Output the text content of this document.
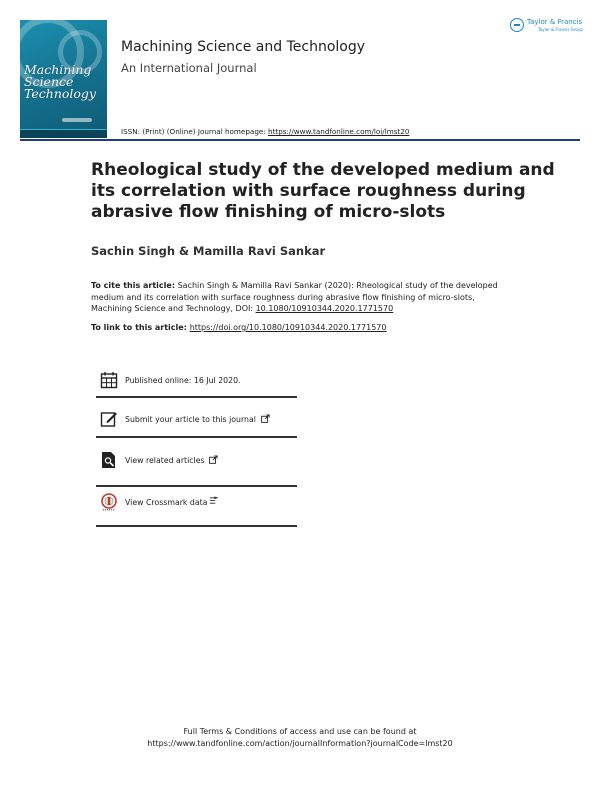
Machining
Science
Technology
Machining Science and Technology
An International Journal
ISSN: (Print) (Online) Journal homepage: https://www.tandfonline.com/loi/lmst20
Taylor & Francis
Taylor & Francis Group
Rheological study of the developed medium and its correlation with surface roughness during abrasive flow finishing of micro-slots
Sachin Singh & Mamilla Ravi Sankar
To cite this article: Sachin Singh & Mamilla Ravi Sankar (2020): Rheological study of the developed medium and its correlation with surface roughness during abrasive flow finishing of micro-slots, Machining Science and Technology, DOI: 10.1080/10910344.2020.1771570
To link to this article: https://doi.org/10.1080/10910344.2020.1771570
Published online: 16 Jul 2020.
Submit your article to this journal
View related articles
View Crossmark data
Full Terms & Conditions of access and use can be found at
https://www.tandfonline.com/action/journalInformation?journalCode=lmst20
